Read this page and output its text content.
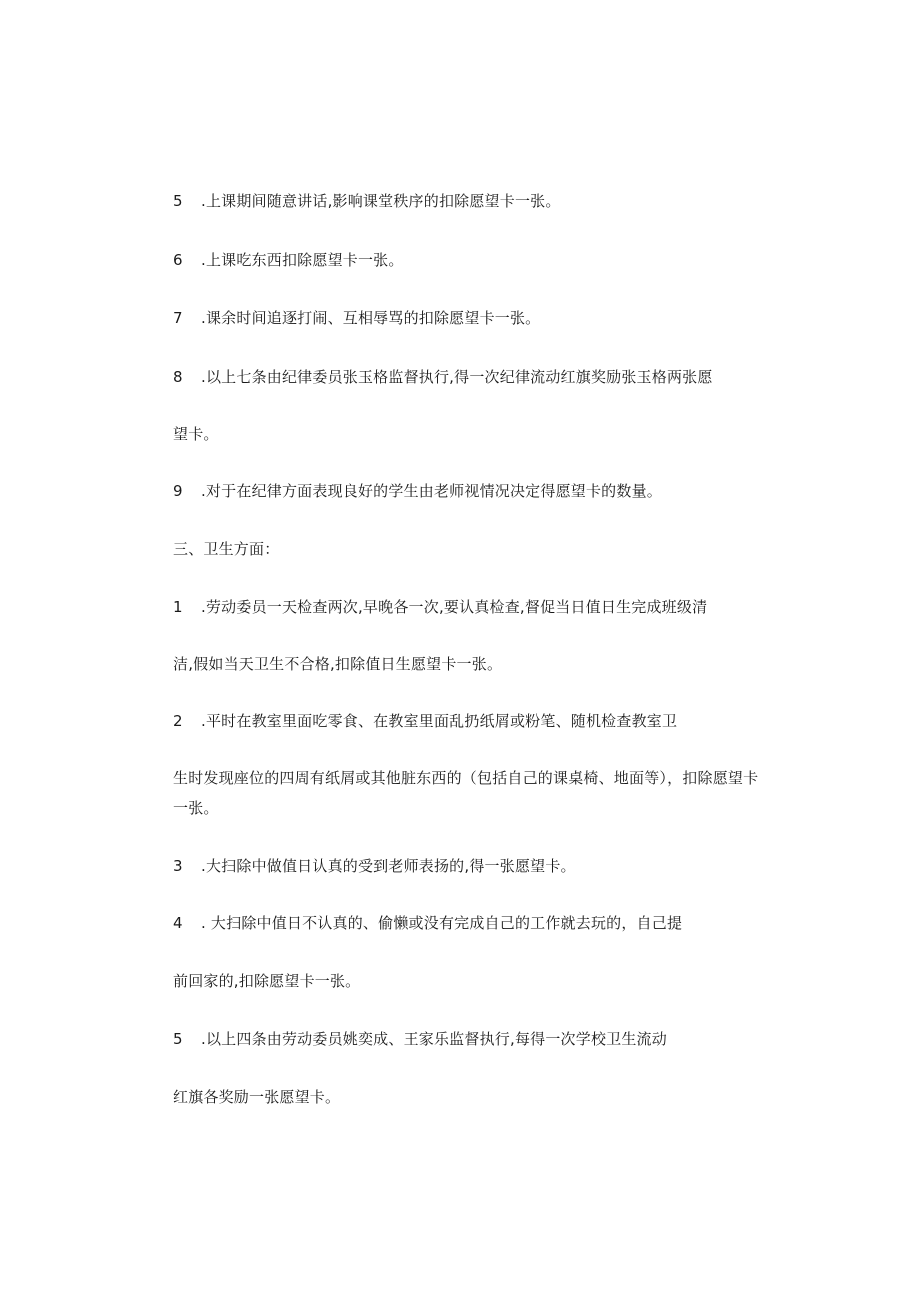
5 .上课期间随意讲话,影响课堂秩序的扣除愿望卡一张。
6 .上课吃东西扣除愿望卡一张。
7 .课余时间追逐打闹、互相辱骂的扣除愿望卡一张。
8 .以上七条由纪律委员张玉格监督执行,得一次纪律流动红旗奖励张玉格两张愿
望卡。
9 .对于在纪律方面表现良好的学生由老师视情况决定得愿望卡的数量。
三、卫生方面：
1 .劳动委员一天检查两次,早晚各一次,要认真检查,督促当日值日生完成班级清
洁,假如当天卫生不合格,扣除值日生愿望卡一张。
2 .平时在教室里面吃零食、在教室里面乱扔纸屑或粉笔、随机检查教室卫
生时发现座位的四周有纸屑或其他脏东西的（包括自己的课桌椅、地面等），扣除愿望卡一张。
3 .大扫除中做值日认真的受到老师表扬的,得一张愿望卡。
4 . 大扫除中值日不认真的、偷懒或没有完成自己的工作就去玩的，自己提
前回家的,扣除愿望卡一张。
5 .以上四条由劳动委员姚奕成、王家乐监督执行,每得一次学校卫生流动
红旗各奖励一张愿望卡。
